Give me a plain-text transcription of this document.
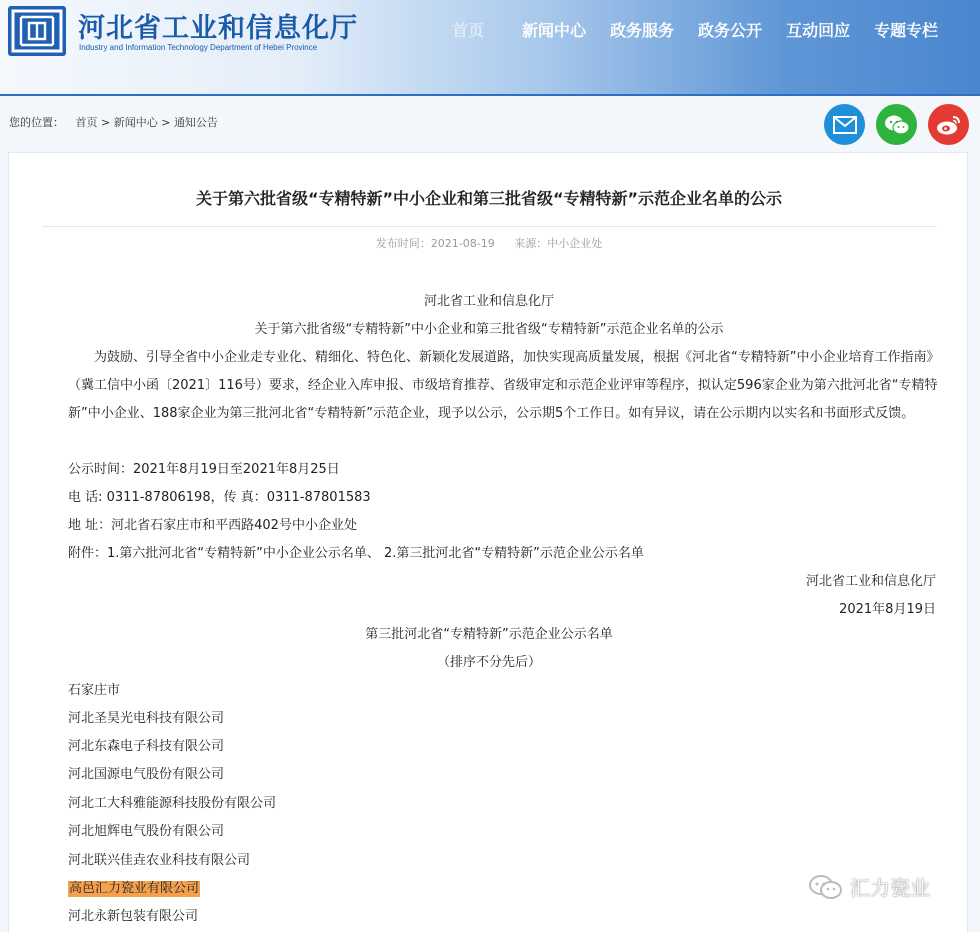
河北省工业和信息化厅
Industry and Information Technology Department of Hebei Province
首页 新闻中心 政务服务 政务公开 互动回应 专题专栏
您的位置： 首页 > 新闻中心 > 通知公告
关于第六批省级“专精特新”中小企业和第三批省级“专精特新”示范企业名单的公示
发布时间：2021-08-19 来源：中小企业处
河北省工业和信息化厅
关于第六批省级“专精特新”中小企业和第三批省级“专精特新”示范企业名单的公示
　　为鼓励、引导全省中小企业走专业化、精细化、特色化、新颖化发展道路，加快实现高质量发展，根据《河北省“专精特新”中小企业培育工作指南》（冀工信中小函〔2021〕116号）要求，经企业入库申报、市级培育推荐、省级审定和示范企业评审等程序，拟认定596家企业为第六批河北省“专精特新”中小企业、188家企业为第三批河北省“专精特新”示范企业，现予以公示，公示期5个工作日。如有异议，请在公示期内以实名和书面形式反馈。
公示时间：2021年8月19日至2021年8月25日
电 话: 0311-87806198，传 真：0311-87801583
地 址：河北省石家庄市和平西路402号中小企业处
附件：1.第六批河北省“专精特新”中小企业公示名单、 2.第三批河北省“专精特新”示范企业公示名单
河北省工业和信息化厅
2021年8月19日
第三批河北省“专精特新”示范企业公示名单
（排序不分先后）
石家庄市
河北圣昊光电科技有限公司
河北东森电子科技有限公司
河北国源电气股份有限公司
河北工大科雅能源科技股份有限公司
河北旭辉电气股份有限公司
河北联兴佳垚农业科技有限公司
高邑汇力瓷业有限公司
河北永新包装有限公司
汇力瓷业
